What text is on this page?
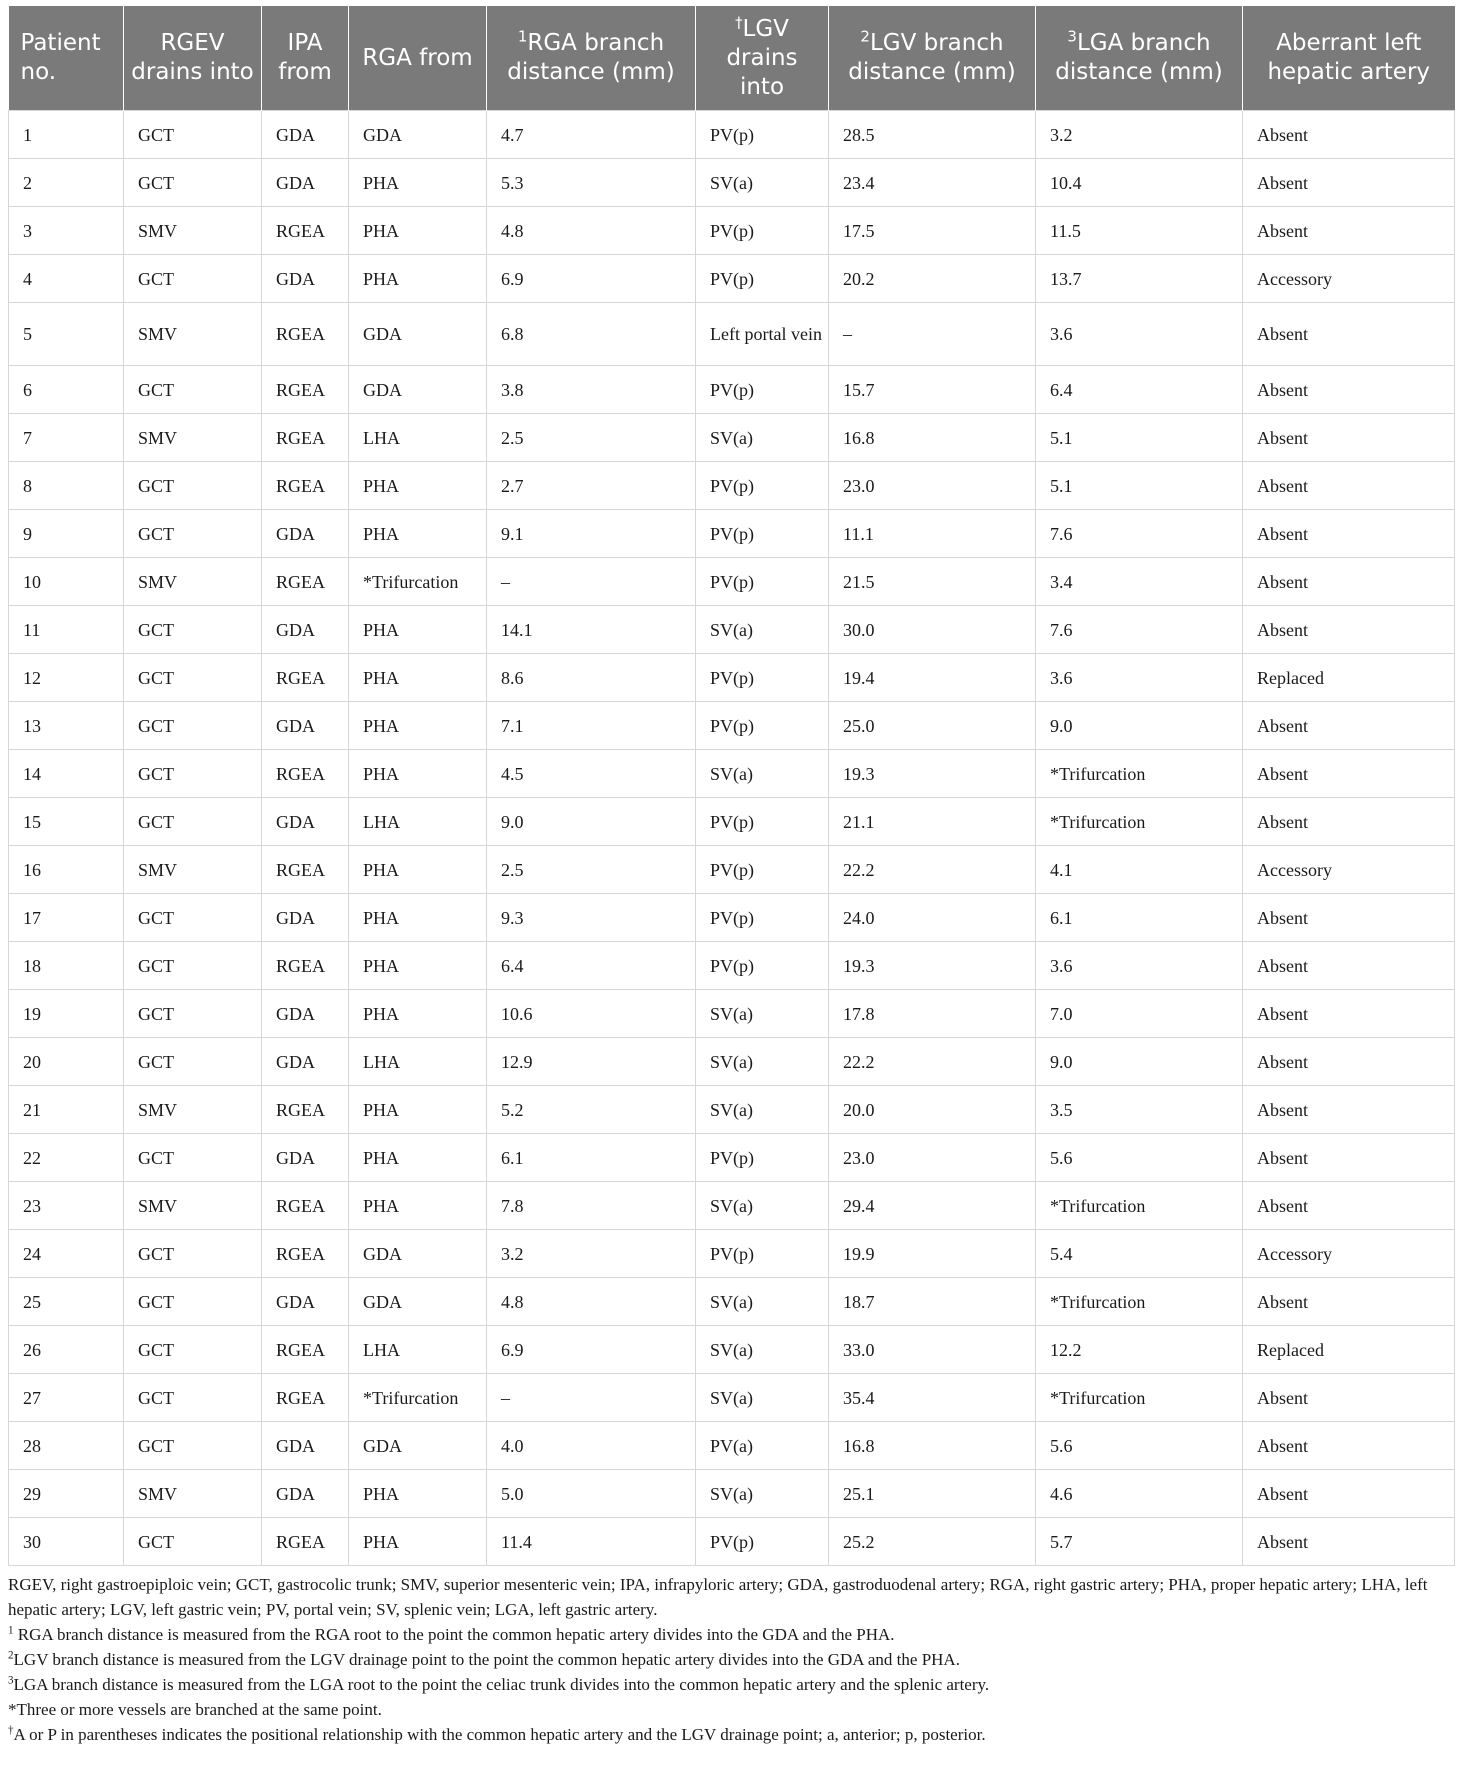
Patient no.	RGEV drains into	IPA from	RGA from	$^1$RGA branch distance (mm)	†LGV drains into	$^2$LGV branch distance (mm)	$^3$LGA branch distance (mm)	Aberrant left hepatic artery
1	GCT	GDA	GDA	4.7	PV(p)	28.5	3.2	Absent
2	GCT	GDA	PHA	5.3	SV(a)	23.4	10.4	Absent
3	SMV	RGEA	PHA	4.8	PV(p)	17.5	11.5	Absent
4	GCT	GDA	PHA	6.9	PV(p)	20.2	13.7	Accessory
5	SMV	RGEA	GDA	6.8	Left portal vein	–	3.6	Absent
6	GCT	RGEA	GDA	3.8	PV(p)	15.7	6.4	Absent
7	SMV	RGEA	LHA	2.5	SV(a)	16.8	5.1	Absent
8	GCT	RGEA	PHA	2.7	PV(p)	23.0	5.1	Absent
9	GCT	GDA	PHA	9.1	PV(p)	11.1	7.6	Absent
10	SMV	RGEA	*Trifurcation	–	PV(p)	21.5	3.4	Absent
11	GCT	GDA	PHA	14.1	SV(a)	30.0	7.6	Absent
12	GCT	RGEA	PHA	8.6	PV(p)	19.4	3.6	Replaced
13	GCT	GDA	PHA	7.1	PV(p)	25.0	9.0	Absent
14	GCT	RGEA	PHA	4.5	SV(a)	19.3	*Trifurcation	Absent
15	GCT	GDA	LHA	9.0	PV(p)	21.1	*Trifurcation	Absent
16	SMV	RGEA	PHA	2.5	PV(p)	22.2	4.1	Accessory
17	GCT	GDA	PHA	9.3	PV(p)	24.0	6.1	Absent
18	GCT	RGEA	PHA	6.4	PV(p)	19.3	3.6	Absent
19	GCT	GDA	PHA	10.6	SV(a)	17.8	7.0	Absent
20	GCT	GDA	LHA	12.9	SV(a)	22.2	9.0	Absent
21	SMV	RGEA	PHA	5.2	SV(a)	20.0	3.5	Absent
22	GCT	GDA	PHA	6.1	PV(p)	23.0	5.6	Absent
23	SMV	RGEA	PHA	7.8	SV(a)	29.4	*Trifurcation	Absent
24	GCT	RGEA	GDA	3.2	PV(p)	19.9	5.4	Accessory
25	GCT	GDA	GDA	4.8	SV(a)	18.7	*Trifurcation	Absent
26	GCT	RGEA	LHA	6.9	SV(a)	33.0	12.2	Replaced
27	GCT	RGEA	*Trifurcation	–	SV(a)	35.4	*Trifurcation	Absent
28	GCT	GDA	GDA	4.0	PV(a)	16.8	5.6	Absent
29	SMV	GDA	PHA	5.0	SV(a)	25.1	4.6	Absent
30	GCT	RGEA	PHA	11.4	PV(p)	25.2	5.7	Absent

RGEV, right gastroepiploic vein; GCT, gastrocolic trunk; SMV, superior mesenteric vein; IPA, infrapyloric artery; GDA, gastroduodenal artery; RGA, right gastric artery; PHA, proper hepatic artery; LHA, left hepatic artery; LGV, left gastric vein; PV, portal vein; SV, splenic vein; LGA, left gastric artery.

$^1$ RGA branch distance is measured from the RGA root to the point the common hepatic artery divides into the GDA and the PHA.

$^2$LGV branch distance is measured from the LGV drainage point to the point the common hepatic artery divides into the GDA and the PHA.

$^3$LGA branch distance is measured from the LGA root to the point the celiac trunk divides into the common hepatic artery and the splenic artery.

*Three or more vessels are branched at the same point.

†A or P in parentheses indicates the positional relationship with the common hepatic artery and the LGV drainage point; a, anterior; p, posterior.
